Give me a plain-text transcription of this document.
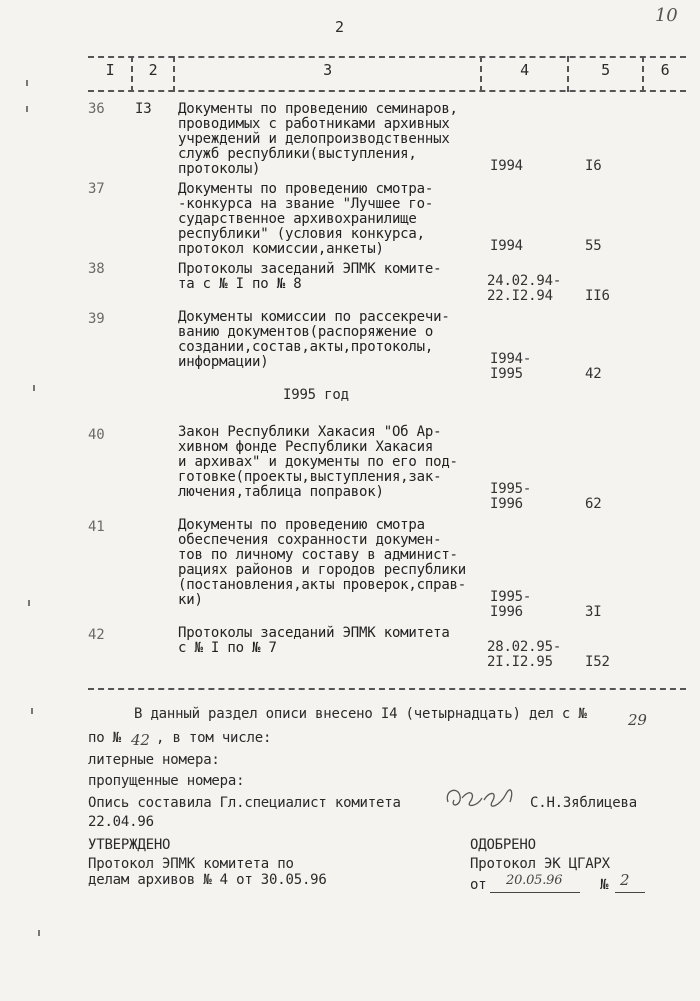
2
10
I	2	3	4	5	6
36 I3 Документы по проведению семинаров,
проводимых с работниками архивных
учреждений и делопроизводственных
служб республики(выступления,
протоколы)	I994	I6
37	Документы по проведению смотра-
-конкурса на звание "Лучшее го-
сударственное архивохранилище
республики" (условия конкурса,
протокол комиссии,анкеты)	I994	55
38	Протоколы заседаний ЭПМК комите-
та с № I по № 8	24.02.94-
22.I2.94 II6
39	Документы комиссии по рассекречи-
ванию документов(распоряжение о
создании,состав,акты,протоколы,
информации)	I994-
I995	42
I995 год
40	Закон Республики Хакасия "Об Ар-
хивном фонде Республики Хакасия
и архивах" и документы по его под-
готовке(проекты,выступления,зак-
лючения,таблица поправок)	I995-
I996	62
41	Документы по проведению смотра
обеспечения сохранности докумен-
тов по личному составу в админист-
рациях районов и городов республики
(постановления,акты проверок,справ-
ки)	I995-
I996	3I
42	Протоколы заседаний ЭПМК комитета
с № I по № 7	28.02.95-
2I.I2.95 I52
В данный раздел описи внесено I4 (четырнадцать) дел с №	29
по № 42 , в том числе:
литерные номера:
пропущенные номера:
Опись составила Гл.специалист комитета	С.Н.Зяблицева
22.04.96
УТВЕРЖДЕНО
Протокол ЭПМК комитета по
делам архивов № 4 от 30.05.96
ОДОБРЕНО
Протокол ЭК ЦГАРХ
от 20.05.96	№ 2
